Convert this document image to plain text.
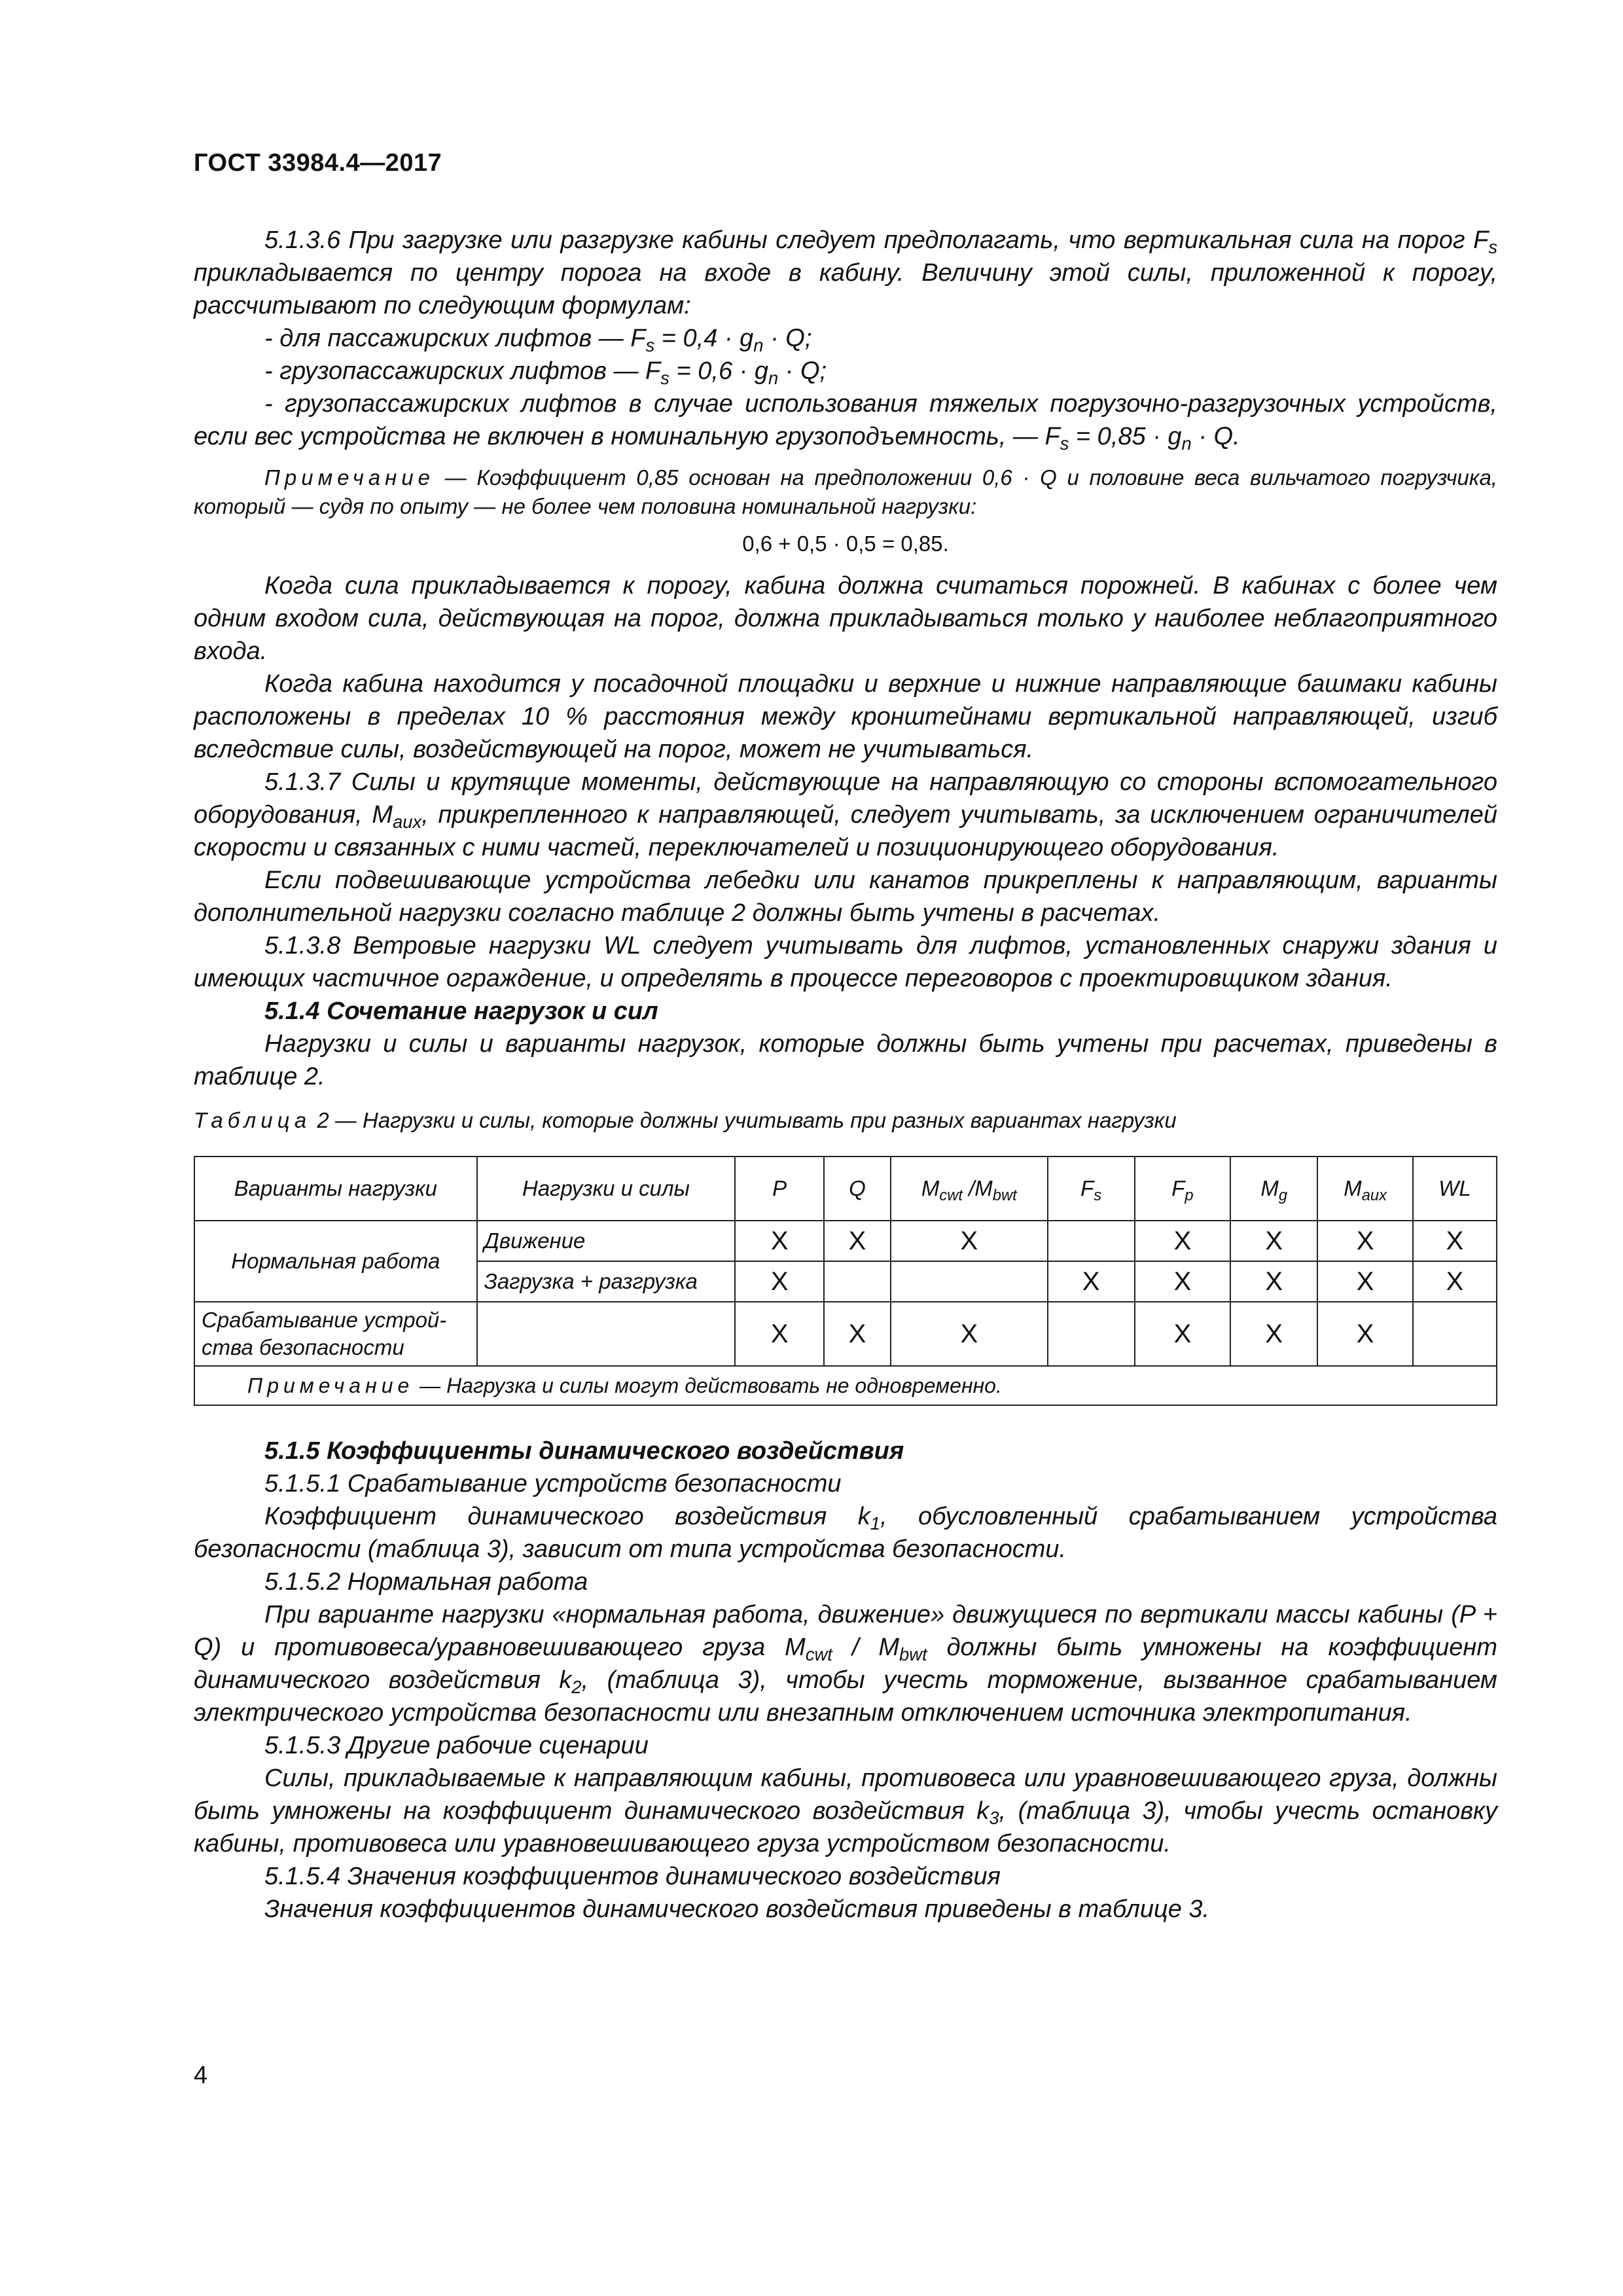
ГОСТ 33984.4—2017

5.1.3.6 При загрузке или разгрузке кабины следует предполагать, что вертикальная сила на порог $F_s$ прикладывается по центру порога на входе в кабину. Величину этой силы, приложенной к порогу, рассчитывают по следующим формулам:

- для пассажирских лифтов — $F_s = 0,4 \cdot g_n \cdot Q$;

- грузопассажирских лифтов — $F_s = 0,6 \cdot g_n \cdot Q$;

- грузопассажирских лифтов в случае использования тяжелых погрузочно-разгрузочных устройств, если вес устройства не включен в номинальную грузоподъемность, — $F_s = 0,85 \cdot g_n \cdot Q$.

Примечание — Коэффициент 0,85 основан на предположении 0,6 · Q и половине веса вильчатого погрузчика, который — судя по опыту — не более чем половина номинальной нагрузки:

0,6 + 0,5 · 0,5 = 0,85.

Когда сила прикладывается к порогу, кабина должна считаться порожней. В кабинах с более чем одним входом сила, действующая на порог, должна прикладываться только у наиболее неблагоприятного входа.

Когда кабина находится у посадочной площадки и верхние и нижние направляющие башмаки кабины расположены в пределах 10 % расстояния между кронштейнами вертикальной направляющей, изгиб вследствие силы, воздействующей на порог, может не учитываться.

5.1.3.7 Силы и крутящие моменты, действующие на направляющую со стороны вспомогательного оборудования, $M_{aux}$, прикрепленного к направляющей, следует учитывать, за исключением ограничителей скорости и связанных с ними частей, переключателей и позиционирующего оборудования.

Если подвешивающие устройства лебедки или канатов прикреплены к направляющим, варианты дополнительной нагрузки согласно таблице 2 должны быть учтены в расчетах.

5.1.3.8 Ветровые нагрузки WL следует учитывать для лифтов, установленных снаружи здания и имеющих частичное ограждение, и определять в процессе переговоров с проектировщиком здания.

5.1.4 Сочетание нагрузок и сил

Нагрузки и силы и варианты нагрузок, которые должны быть учтены при расчетах, приведены в таблице 2.

Таблица 2 — Нагрузки и силы, которые должны учитывать при разных вариантах нагрузки

Варианты нагрузки	Нагрузки и силы	P	Q	$M_{cwt}$ $/M_{bwt}$	$F_s$	$F_p$	$M_g$	$M_{aux}$	WL
Нормальная работа	Движение	X	X	X		X	X	X	X
	Загрузка + разгрузка	X			X	X	X	X	X
Срабатывание устрой-ства безопасности		X	X	X		X	X	X	
Примечание — Нагрузка и силы могут действовать не одновременно.									

5.1.5 Коэффициенты динамического воздействия

5.1.5.1 Срабатывание устройств безопасности

Коэффициент динамического воздействия $k_1$, обусловленный срабатыванием устройства безопасности (таблица 3), зависит от типа устройства безопасности.

5.1.5.2 Нормальная работа

При варианте нагрузки «нормальная работа, движение» движущиеся по вертикали массы кабины (P + Q) и противовеса/уравновешивающего груза $M_{cwt} / M_{bwt}$ должны быть умножены на коэффициент динамического воздействия $k_2$, (таблица 3), чтобы учесть торможение, вызванное срабатыванием электрического устройства безопасности или внезапным отключением источника электропитания.

5.1.5.3 Другие рабочие сценарии

Силы, прикладываемые к направляющим кабины, противовеса или уравновешивающего груза, должны быть умножены на коэффициент динамического воздействия $k_3$, (таблица 3), чтобы учесть остановку кабины, противовеса или уравновешивающего груза устройством безопасности.

5.1.5.4 Значения коэффициентов динамического воздействия

Значения коэффициентов динамического воздействия приведены в таблице 3.

4
